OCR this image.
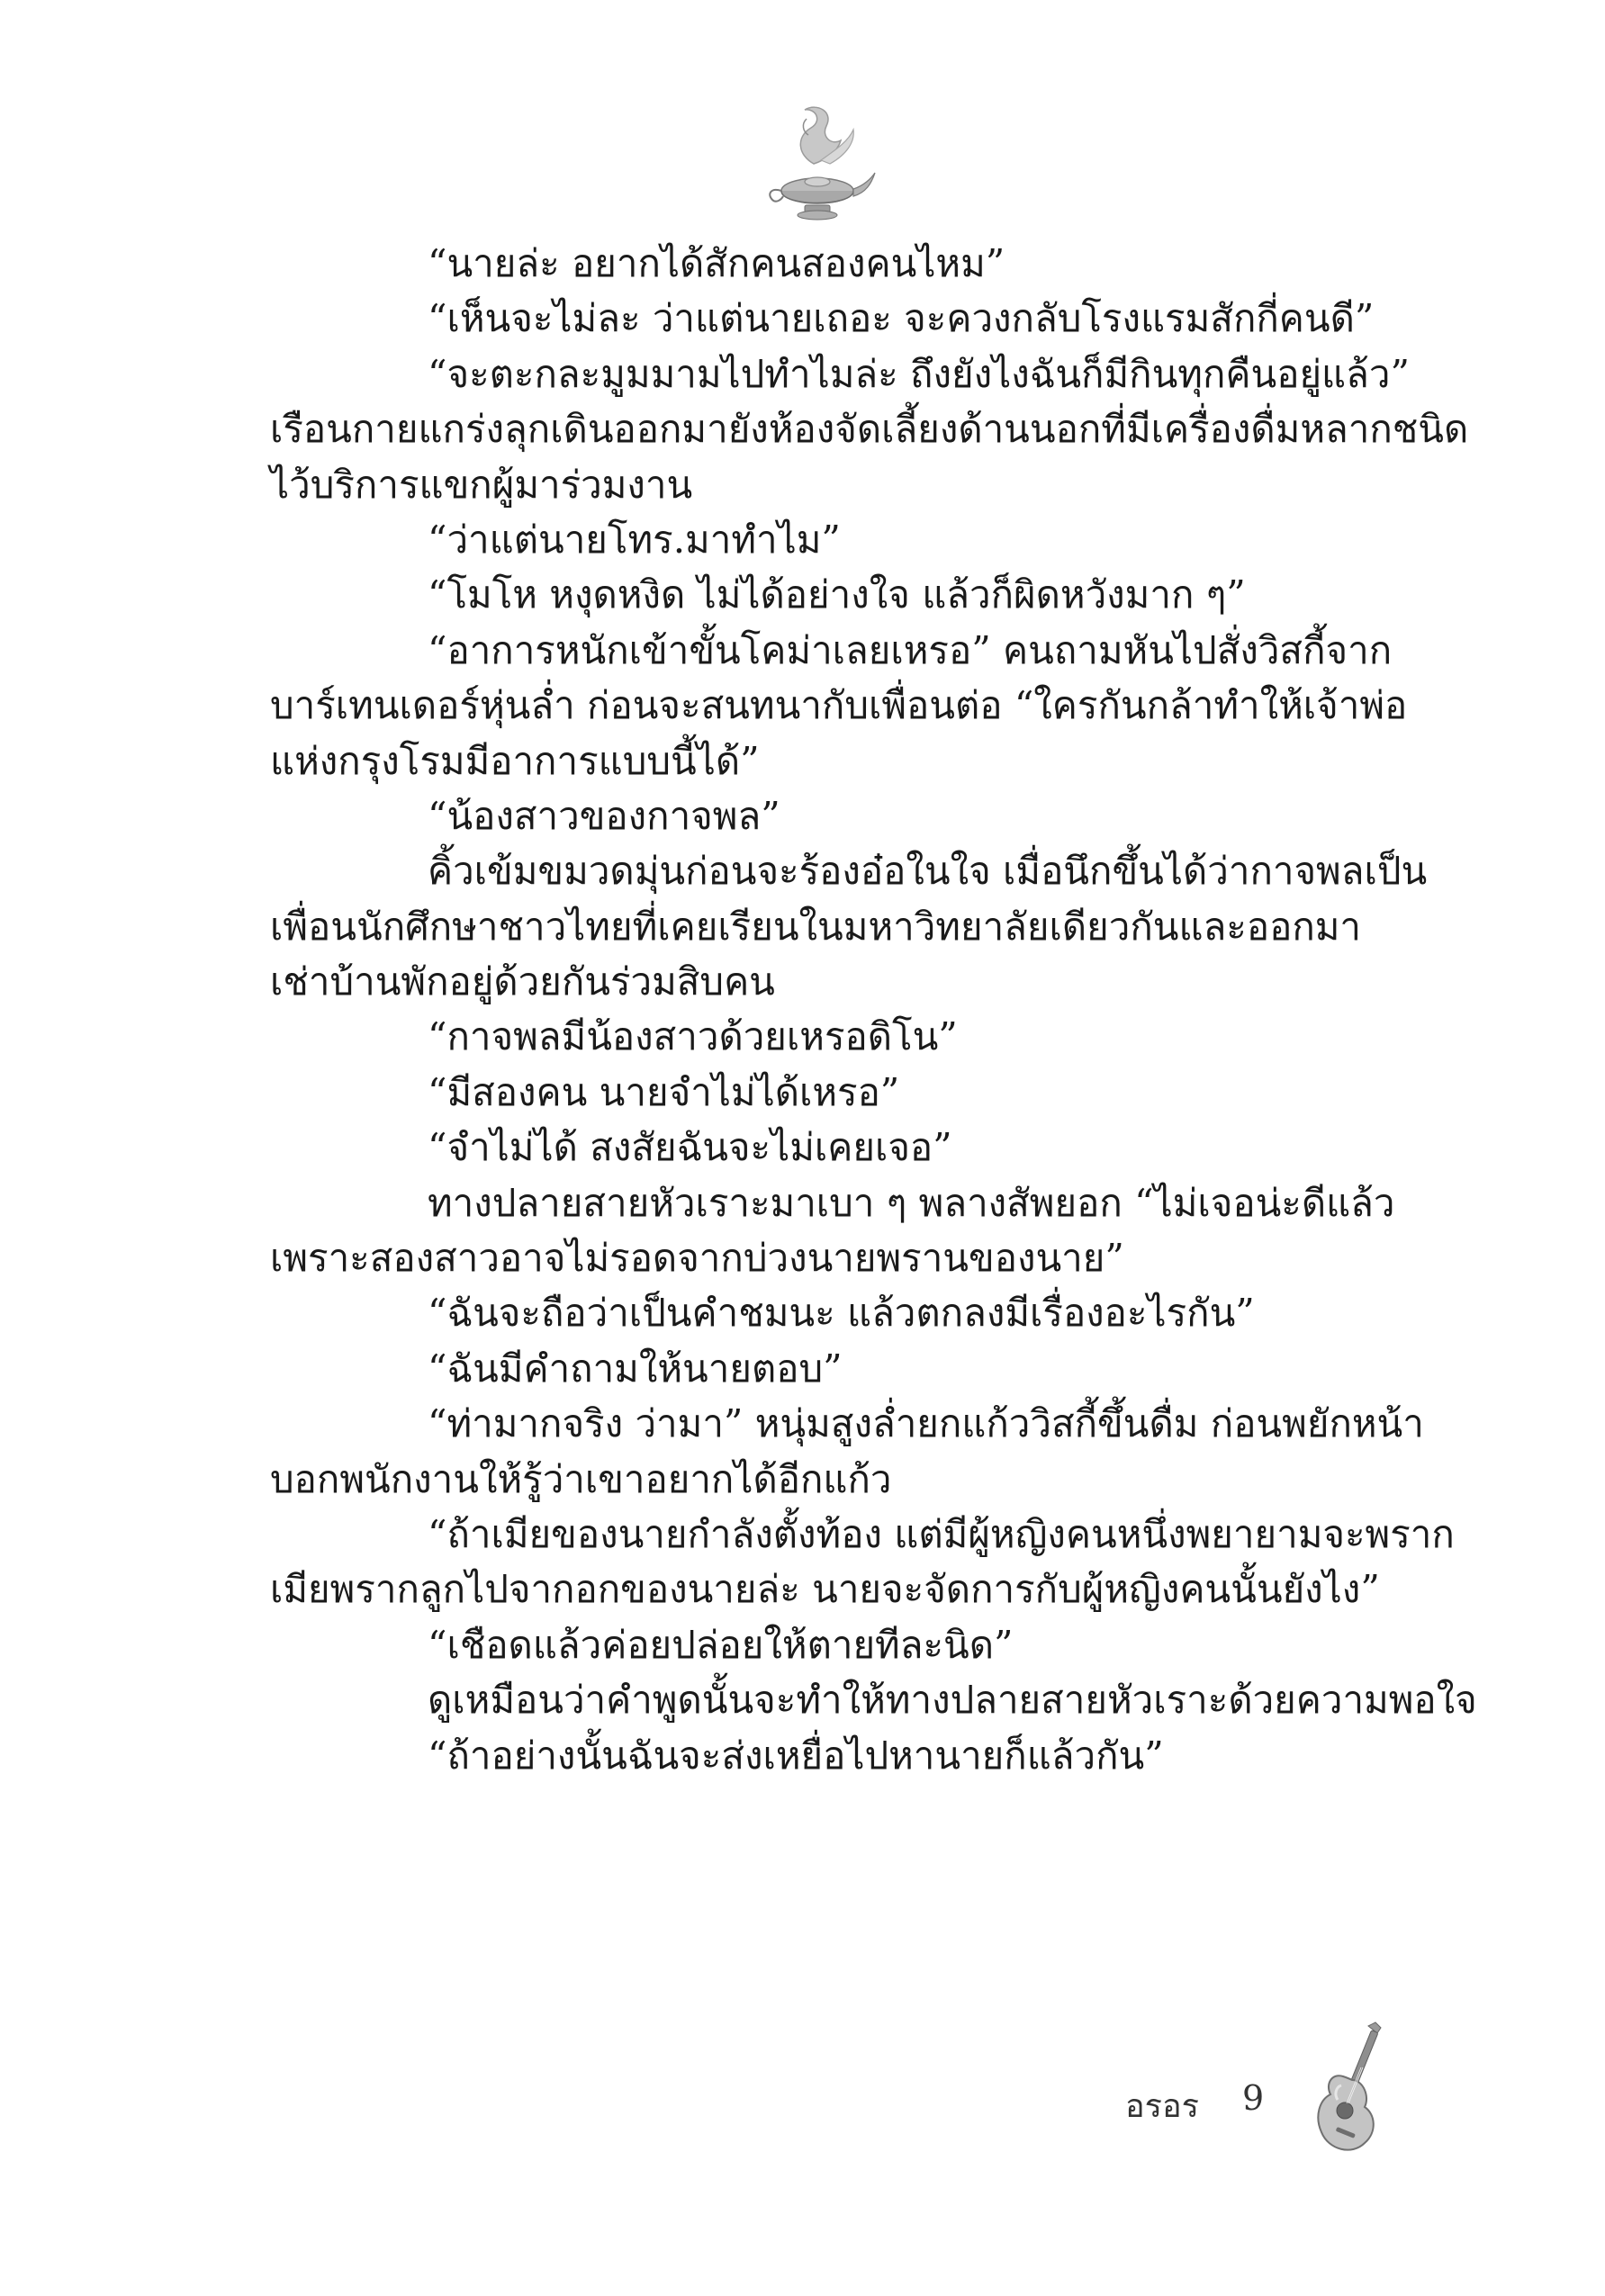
“นายล่ะ อยากได้สักคนสองคนไหม”
“เห็นจะไม่ละ ว่าแต่นายเถอะ จะควงกลับโรงแรมสักกี่คนดี”
“จะตะกละมูมมามไปทำไมล่ะ ถึงยังไงฉันก็มีกินทุกคืนอยู่แล้ว”
เรือนกายแกร่งลุกเดินออกมายังห้องจัดเลี้ยงด้านนอกที่มีเครื่องดื่มหลากชนิด
ไว้บริการแขกผู้มาร่วมงาน
“ว่าแต่นายโทร.มาทำไม”
“โมโห หงุดหงิด ไม่ได้อย่างใจ แล้วก็ผิดหวังมาก ๆ”
“อาการหนักเข้าขั้นโคม่าเลยเหรอ” คนถามหันไปสั่งวิสกี้จาก
บาร์เทนเดอร์หุ่นล่ำ ก่อนจะสนทนากับเพื่อนต่อ “ใครกันกล้าทำให้เจ้าพ่อ
แห่งกรุงโรมมีอาการแบบนี้ได้”
“น้องสาวของกาจพล”
คิ้วเข้มขมวดมุ่นก่อนจะร้องอ๋อในใจ เมื่อนึกขึ้นได้ว่ากาจพลเป็น
เพื่อนนักศึกษาชาวไทยที่เคยเรียนในมหาวิทยาลัยเดียวกันและออกมา
เช่าบ้านพักอยู่ด้วยกันร่วมสิบคน
“กาจพลมีน้องสาวด้วยเหรอดิโน”
“มีสองคน นายจำไม่ได้เหรอ”
“จำไม่ได้ สงสัยฉันจะไม่เคยเจอ”
ทางปลายสายหัวเราะมาเบา ๆ พลางสัพยอก “ไม่เจอน่ะดีแล้ว
เพราะสองสาวอาจไม่รอดจากบ่วงนายพรานของนาย”
“ฉันจะถือว่าเป็นคำชมนะ แล้วตกลงมีเรื่องอะไรกัน”
“ฉันมีคำถามให้นายตอบ”
“ท่ามากจริง ว่ามา” หนุ่มสูงล่ำยกแก้ววิสกี้ขึ้นดื่ม ก่อนพยักหน้า
บอกพนักงานให้รู้ว่าเขาอยากได้อีกแก้ว
“ถ้าเมียของนายกำลังตั้งท้อง แต่มีผู้หญิงคนหนึ่งพยายามจะพราก
เมียพรากลูกไปจากอกของนายล่ะ นายจะจัดการกับผู้หญิงคนนั้นยังไง”
“เชือดแล้วค่อยปล่อยให้ตายทีละนิด”
ดูเหมือนว่าคำพูดนั้นจะทำให้ทางปลายสายหัวเราะด้วยความพอใจ
“ถ้าอย่างนั้นฉันจะส่งเหยื่อไปหานายก็แล้วกัน”
อรอร 9
